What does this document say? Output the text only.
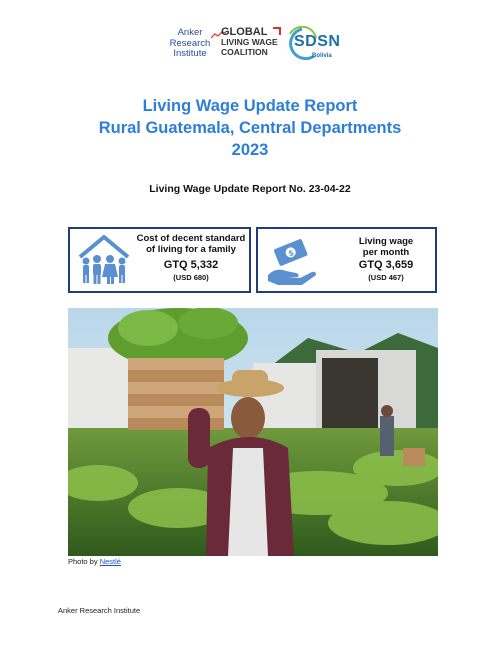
Anker
Research
Institute
GLOBAL
LIVING WAGE
COALITION
SDSN
Bolivia
Living Wage Update Report
Rural Guatemala, Central Departments
2023
Living Wage Update Report No. 23-04-22
Cost of decent standard
of living for a family
GTQ 5,332
(USD 680)
$
Living wage
per month
GTQ 3,659
(USD 467)
Photo by Nestlé
Anker Research Institute
